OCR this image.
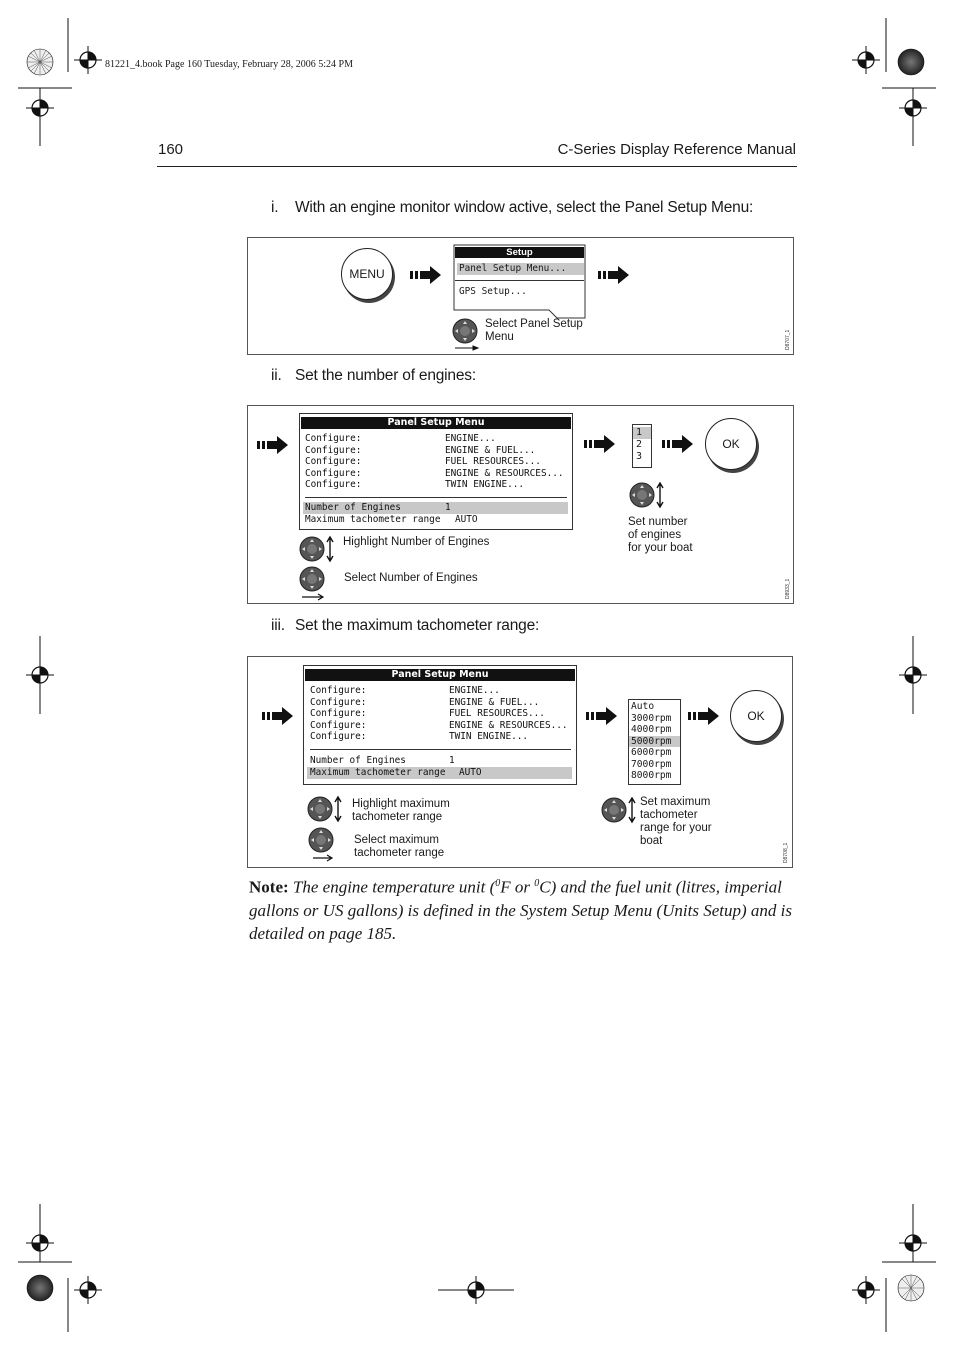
81221_4.book Page 160 Tuesday, February 28, 2006 5:24 PM
160	C-Series Display Reference Manual
i. With an engine monitor window active, select the Panel Setup Menu:
MENU
Setup
Panel Setup Menu...
GPS Setup...
Select Panel Setup
Menu	D8707_1
ii. Set the number of engines:
Panel Setup Menu
Configure:	ENGINE...
Configure:	ENGINE & FUEL...
Configure:	FUEL RESOURCES...
Configure:	ENGINE & RESOURCES...
Configure:	TWIN ENGINE...
Number of Engines	1
Maximum tachometer range AUTO
Highlight Number of Engines
Select Number of Engines
1
2
3
OK
Set number
of engines
for your boat
D8933_1
iii. Set the maximum tachometer range:
Panel Setup Menu
Configure:	ENGINE...
Configure:	ENGINE & FUEL...
Configure:	FUEL RESOURCES...
Configure:	ENGINE & RESOURCES...
Configure:	TWIN ENGINE...
Number of Engines	1
Maximum tachometer range AUTO
Highlight maximum
tachometer range
Select maximum
tachometer range
Auto
3000rpm
4000rpm
5000rpm
6000rpm
7000rpm
8000rpm
OK
Set maximum
tachometer
range for your
boat
D8708_1
Note: The engine temperature unit ($^0$F or $^0$C) and the fuel unit (litres, imperial gallons or US gallons) is defined in the System Setup Menu (Units Setup) and is detailed on page 185.
